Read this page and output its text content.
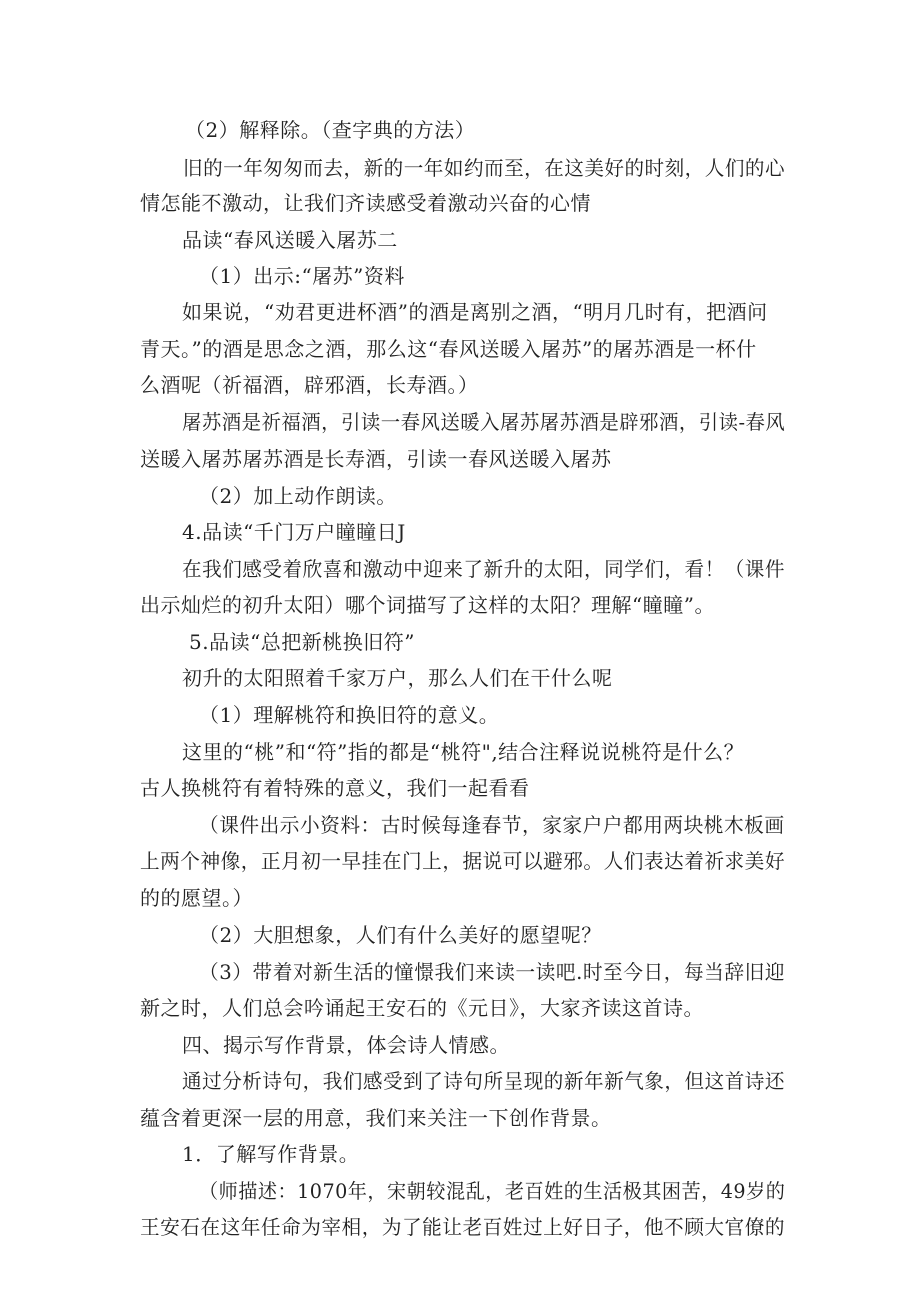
（2）解释除。（查字典的方法）
旧的一年匆匆而去，新的一年如约而至，在这美好的时刻，人们的心
情怎能不激动，让我们齐读感受着激动兴奋的心情
品读“春风送暖入屠苏二
（1）出示:“屠苏”资料
如果说，“劝君更进杯酒”的酒是离别之酒，“明月几时有，把酒问
青天。”的酒是思念之酒，那么这“春风送暖入屠苏”的屠苏酒是一杯什
么酒呢（祈福酒，辟邪酒，长寿酒。）
屠苏酒是祈福酒，引读一春风送暖入屠苏屠苏酒是辟邪酒，引读-春风
送暖入屠苏屠苏酒是长寿酒，引读一春风送暖入屠苏
（2）加上动作朗读。
4.品读“千门万户瞳瞳日J
在我们感受着欣喜和激动中迎来了新升的太阳，同学们，看！（课件
出示灿烂的初升太阳）哪个词描写了这样的太阳？理解“瞳瞳”。
5.品读“总把新桃换旧符”
初升的太阳照着千家万户，那么人们在干什么呢
（1）理解桃符和换旧符的意义。
这里的“桃”和“符”指的都是“桃符",结合注释说说桃符是什么？
古人换桃符有着特殊的意义，我们一起看看
（课件出示小资料：古时候每逢春节，家家户户都用两块桃木板画
上两个神像，正月初一早挂在门上，据说可以避邪。人们表达着祈求美好
的的愿望。）
（2）大胆想象，人们有什么美好的愿望呢？
（3）带着对新生活的憧憬我们来读一读吧.时至今日，每当辞旧迎
新之时，人们总会吟诵起王安石的《元日》，大家齐读这首诗。
四、揭示写作背景，体会诗人情感。
通过分析诗句，我们感受到了诗句所呈现的新年新气象，但这首诗还
蕴含着更深一层的用意，我们来关注一下创作背景。
1．了解写作背景。
（师描述：1070年，宋朝较混乱，老百姓的生活极其困苦，49岁的
王安石在这年任命为宰相，为了能让老百姓过上好日子，他不顾大官僚的
